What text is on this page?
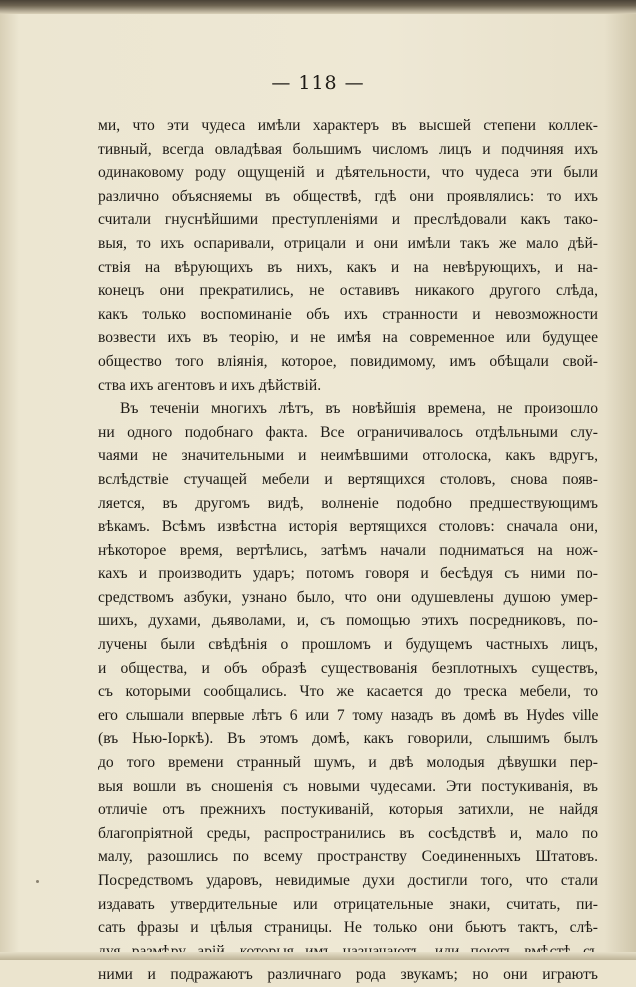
— 118 —
ми, что эти чудеса имѣли характеръ въ высшей степени коллек-
тивный, всегда овладѣвая большимъ числомъ лицъ и подчиняя ихъ
одинаковому роду ощущеній и дѣятельности, что чудеса эти были
различно объясняемы въ обществѣ, гдѣ они проявлялись: то ихъ
считали гнуснѣйшими преступленіями и преслѣдовали какъ тако-
выя, то ихъ оспаривали, отрицали и они имѣли такъ же мало дѣй-
ствія на вѣрующихъ въ нихъ, какъ и на невѣрующихъ, и на-
конецъ они прекратились, не оставивъ никакого другого слѣда,
какъ только воспоминаніе объ ихъ странности и невозможности
возвести ихъ въ теорію, и не имѣя на современное или будущее
общество того вліянія, которое, повидимому, имъ обѣщали свой-
ства ихъ агентовъ и ихъ дѣйствій.
Въ теченіи многихъ лѣтъ, въ новѣйшія времена, не произошло
ни одного подобнаго факта. Все ограничивалось отдѣльными слу-
чаями не значительными и неимѣвшими отголоска, какъ вдругъ,
вслѣдствіе стучащей мебели и вертящихся столовъ, снова появ-
ляется, въ другомъ видѣ, волненіе подобно предшествующимъ
вѣкамъ. Всѣмъ извѣстна исторія вертящихся столовъ: сначала они,
нѣкоторое время, вертѣлись, затѣмъ начали подниматься на нож-
кахъ и производить ударъ; потомъ говоря и бесѣдуя съ ними по-
средствомъ азбуки, узнано было, что они одушевлены душою умер-
шихъ, духами, дьяволами, и, съ помощью этихъ посредниковъ, по-
лучены были свѣдѣнія о прошломъ и будущемъ частныхъ лицъ,
и общества, и объ образѣ существованія безплотныхъ существъ,
съ которыми сообщались. Что же касается до треска мебели, то
его слышали впервые лѣтъ 6 или 7 тому назадъ въ домѣ въ Hydes ville
(въ Нью-Іоркѣ). Въ этомъ домѣ, какъ говорили, слышимъ былъ
до того времени странный шумъ, и двѣ молодыя дѣвушки пер-
выя вошли въ сношенія съ новыми чудесами. Эти постукиванія, въ
отличіе отъ прежнихъ постукиваній, которыя затихли, не найдя
благопріятной среды, распространились въ сосѣдствѣ и, мало по
малу, разошлись по всему пространству Соединенныхъ Штатовъ.
Посредствомъ ударовъ, невидимые духи достигли того, что стали
издавать утвердительные или отрицательные знаки, считать, пи-
сать фразы и цѣлыя страницы. Не только они бьютъ тактъ, слѣ-
ними и подражаютъ различнаго рода звукамъ; но они играютъ
